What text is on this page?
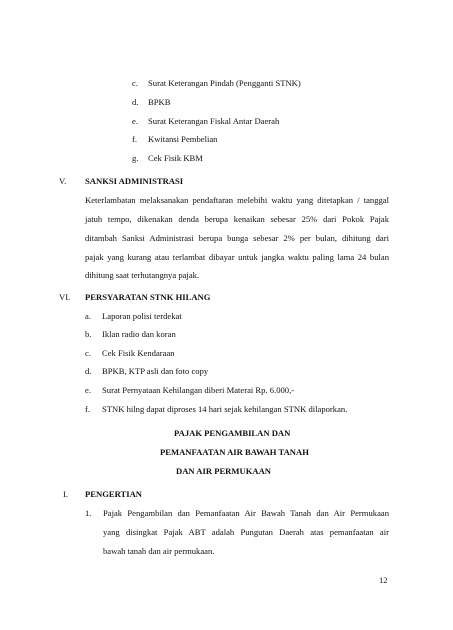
c. Surat Keterangan Pindah (Pengganti STNK)
d. BPKB
e. Surat Keterangan Fiskal Antar Daerah
f. Kwitansi Pembelian
g. Cek Fisik KBM
V. SANKSI ADMINISTRASI
Keterlambatan melaksanakan pendaftaran melebihi waktu yang ditetapkan / tanggal
jatuh tempo, dikenakan denda berupa kenaikan sebesar 25% dari Pokok Pajak
ditambah Sanksi Administrasi berupa bunga sebesar 2% per bulan, dihitung dari
pajak yang kurang atau terlambat dibayar untuk jangka waktu paling lama 24 bulan
dihitung saat terhutangnya pajak.
VI. PERSYARATAN STNK HILANG
a. Laporan polisi terdekat
b. Iklan radio dan koran
c. Cek Fisik Kendaraan
d. BPKB, KTP asli dan foto copy
e. Surat Pernyataan Kehilangan diberi Materai Rp. 6.000,-
f. STNK hilng dapat diproses 14 hari sejak kehilangan STNK dilaporkan.
PAJAK PENGAMBILAN DAN
PEMANFAATAN AIR BAWAH TANAH
DAN AIR PERMUKAAN
I. PENGERTIAN
1. Pajak Pengambilan dan Pemanfaatan Air Bawah Tanah dan Air Permukaan
yang disingkat Pajak ABT adalah Pungutan Daerah atas pemanfaatan air
bawah tanah dan air permukaan.
12
